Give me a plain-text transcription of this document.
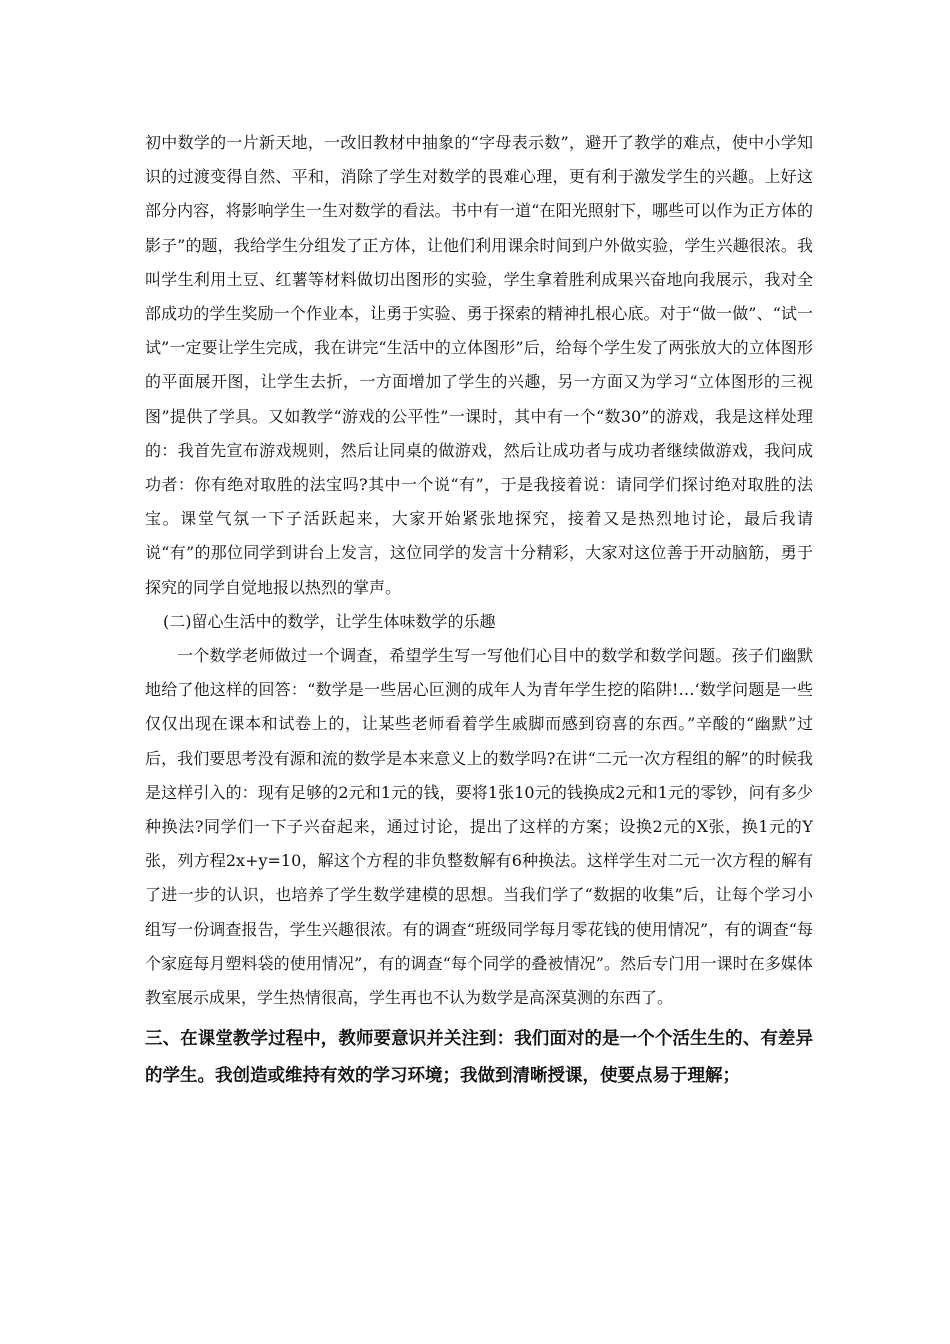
初中数学的一片新天地，一改旧教材中抽象的“字母表示数”，避开了教学的难点，使中小学知识的过渡变得自然、平和，消除了学生对数学的畏难心理，更有利于激发学生的兴趣。上好这部分内容，将影响学生一生对数学的看法。书中有一道“在阳光照射下，哪些可以作为正方体的影子”的题，我给学生分组发了正方体，让他们利用课余时间到户外做实验，学生兴趣很浓。我叫学生利用土豆、红薯等材料做切出图形的实验，学生拿着胜利成果兴奋地向我展示，我对全部成功的学生奖励一个作业本，让勇于实验、勇于探索的精神扎根心底。对于“做一做”、“试一试”一定要让学生完成，我在讲完“生活中的立体图形”后，给每个学生发了两张放大的立体图形的平面展开图，让学生去折，一方面增加了学生的兴趣，另一方面又为学习“立体图形的三视图”提供了学具。又如教学“游戏的公平性”一课时，其中有一个“数30”的游戏，我是这样处理的：我首先宣布游戏规则，然后让同桌的做游戏，然后让成功者与成功者继续做游戏，我问成功者：你有绝对取胜的法宝吗?其中一个说“有”，于是我接着说：请同学们探讨绝对取胜的法宝。课堂气氛一下子活跃起来，大家开始紧张地探究，接着又是热烈地讨论，最后我请说“有”的那位同学到讲台上发言，这位同学的发言十分精彩，大家对这位善于开动脑筋，勇于探究的同学自觉地报以热烈的掌声。

(二)留心生活中的数学，让学生体味数学的乐趣

一个数学老师做过一个调查，希望学生写一写他们心目中的数学和数学问题。孩子们幽默地给了他这样的回答：“数学是一些居心叵测的成年人为青年学生挖的陷阱!…‘数学问题是一些仅仅出现在课本和试卷上的，让某些老师看着学生戚脚而感到窃喜的东西。”辛酸的“幽默”过后，我们要思考没有源和流的数学是本来意义上的数学吗?在讲“二元一次方程组的解”的时候我是这样引入的：现有足够的2元和1元的钱，要将1张10元的钱换成2元和1元的零钞，问有多少种换法?同学们一下子兴奋起来，通过讨论，提出了这样的方案；设换2元的X张，换1元的Y张，列方程2x+y=10，解这个方程的非负整数解有6种换法。这样学生对二元一次方程的解有了进一步的认识，也培养了学生数学建模的思想。当我们学了“数据的收集”后，让每个学习小组写一份调查报告，学生兴趣很浓。有的调查“班级同学每月零花钱的使用情况”，有的调查“每个家庭每月塑料袋的使用情况”，有的调查“每个同学的叠被情况”。然后专门用一课时在多媒体教室展示成果，学生热情很高，学生再也不认为数学是高深莫测的东西了。

三、在课堂教学过程中，教师要意识并关注到：我们面对的是一个个活生生的、有差异的学生。我创造或维持有效的学习环境；我做到清晰授课，使要点易于理解；
